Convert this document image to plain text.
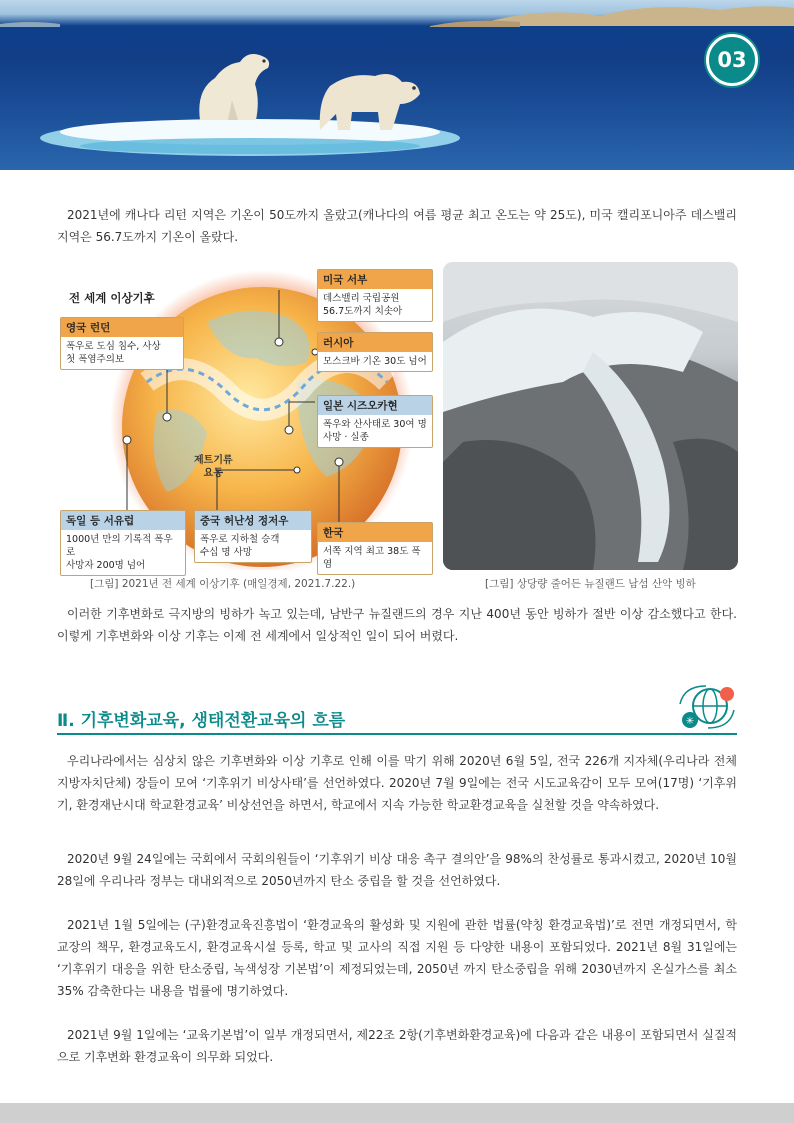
03

2021년에 캐나다 리턴 지역은 기온이 50도까지 올랐고(캐나다의 여름 평균 최고 온도는 약 25도), 미국 캘리포니아주 데스밸리 지역은 56.7도까지 기온이 올랐다.

전 세계 이상기후
제트기류
요동
영국 런던
폭우로 도심 침수, 사상
첫 폭염주의보
미국 서부
데스밸리 국립공원
56.7도까지 치솟아
러시아
모스크바 기온 30도 넘어
일본 시즈오카현
폭우와 산사태로 30여 명
사망 · 실종
독일 등 서유럽
1000년 만의 기록적 폭우로
사망자 200명 넘어
중국 허난성 정저우
폭우로 지하철 승객
수십 명 사망
한국
서쪽 지역 최고 38도 폭염
[그림] 2021년 전 세계 이상기후 (매일경제, 2021.7.22.)	[그림] 상당량 줄어든 뉴질랜드 남섬 산악 빙하

이러한 기후변화로 극지방의 빙하가 녹고 있는데, 남반구 뉴질랜드의 경우 지난 400년 동안 빙하가 절반 이상 감소했다고 한다. 이렇게 기후변화와 이상 기후는 이제 전 세계에서 일상적인 일이 되어 버렸다.

Ⅱ. 기후변화교육, 생태전환교육의 흐름	✳

우리나라에서는 심상치 않은 기후변화와 이상 기후로 인해 이를 막기 위해 2020년 6월 5일, 전국 226개 지자체(우리나라 전체 지방자치단체) 장들이 모여 ‘기후위기 비상사태’를 선언하였다. 2020년 7월 9일에는 전국 시도교육감이 모두 모여(17명) ‘기후위기, 환경재난시대 학교환경교육’ 비상선언을 하면서, 학교에서 지속 가능한 학교환경교육을 실천할 것을 약속하였다.

2020년 9월 24일에는 국회에서 국회의원들이 ‘기후위기 비상 대응 촉구 결의안’을 98%의 찬성률로 통과시켰고, 2020년 10월 28일에 우리나라 정부는 대내외적으로 2050년까지 탄소 중립을 할 것을 선언하였다.

2021년 1월 5일에는 (구)환경교육진흥법이 ‘환경교육의 활성화 및 지원에 관한 법률(약칭 환경교육법)’로 전면 개정되면서, 학교장의 책무, 환경교육도시, 환경교육시설 등록, 학교 및 교사의 직접 지원 등 다양한 내용이 포함되었다. 2021년 8월 31일에는 ‘기후위기 대응을 위한 탄소중립, 녹색성장 기본법’이 제정되었는데, 2050년 까지 탄소중립을 위해 2030년까지 온실가스를 최소 35% 감축한다는 내용을 법률에 명기하였다.

2021년 9월 1일에는 ‘교육기본법’이 일부 개정되면서, 제22조 2항(기후변화환경교육)에 다음과 같은 내용이 포함되면서 실질적으로 기후변화 환경교육이 의무화 되었다.
